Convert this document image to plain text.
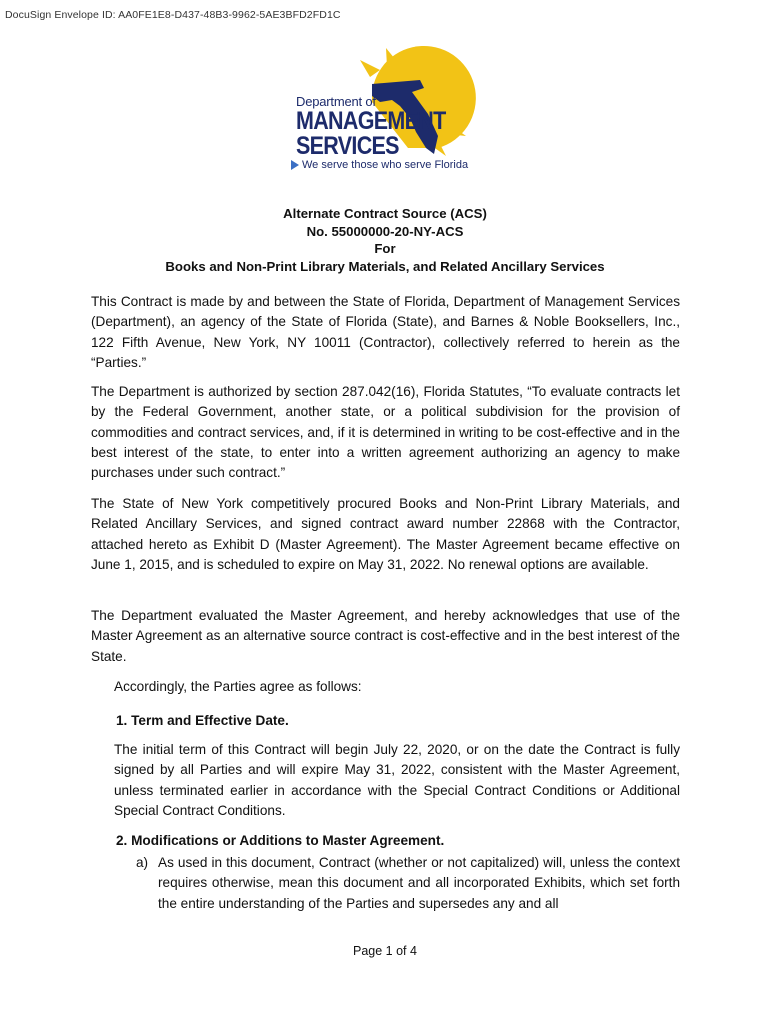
DocuSign Envelope ID: AA0FE1E8-D437-48B3-9962-5AE3BFD2FD1C
Department of
MANAGEMENT
SERVICES
We serve those who serve Florida
Alternate Contract Source (ACS)
No. 55000000-20-NY-ACS
For
Books and Non-Print Library Materials, and Related Ancillary Services
This Contract is made by and between the State of Florida, Department of Management Services (Department), an agency of the State of Florida (State), and Barnes & Noble Booksellers, Inc., 122 Fifth Avenue, New York, NY 10011 (Contractor), collectively referred to herein as the “Parties.”
The Department is authorized by section 287.042(16), Florida Statutes, “To evaluate contracts let by the Federal Government, another state, or a political subdivision for the provision of commodities and contract services, and, if it is determined in writing to be cost-effective and in the best interest of the state, to enter into a written agreement authorizing an agency to make purchases under such contract.”
The State of New York competitively procured Books and Non-Print Library Materials, and Related Ancillary Services, and signed contract award number 22868 with the Contractor, attached hereto as Exhibit D (Master Agreement). The Master Agreement became effective on June 1, 2015, and is scheduled to expire on May 31, 2022. No renewal options are available.
The Department evaluated the Master Agreement, and hereby acknowledges that use of the Master Agreement as an alternative source contract is cost-effective and in the best interest of the State.
Accordingly, the Parties agree as follows:
1. Term and Effective Date.
The initial term of this Contract will begin July 22, 2020, or on the date the Contract is fully signed by all Parties and will expire May 31, 2022, consistent with the Master Agreement, unless terminated earlier in accordance with the Special Contract Conditions or Additional Special Contract Conditions.
2. Modifications or Additions to Master Agreement.
a) As used in this document, Contract (whether or not capitalized) will, unless the context requires otherwise, mean this document and all incorporated Exhibits, which set forth the entire understanding of the Parties and supersedes any and all
Page 1 of 4
